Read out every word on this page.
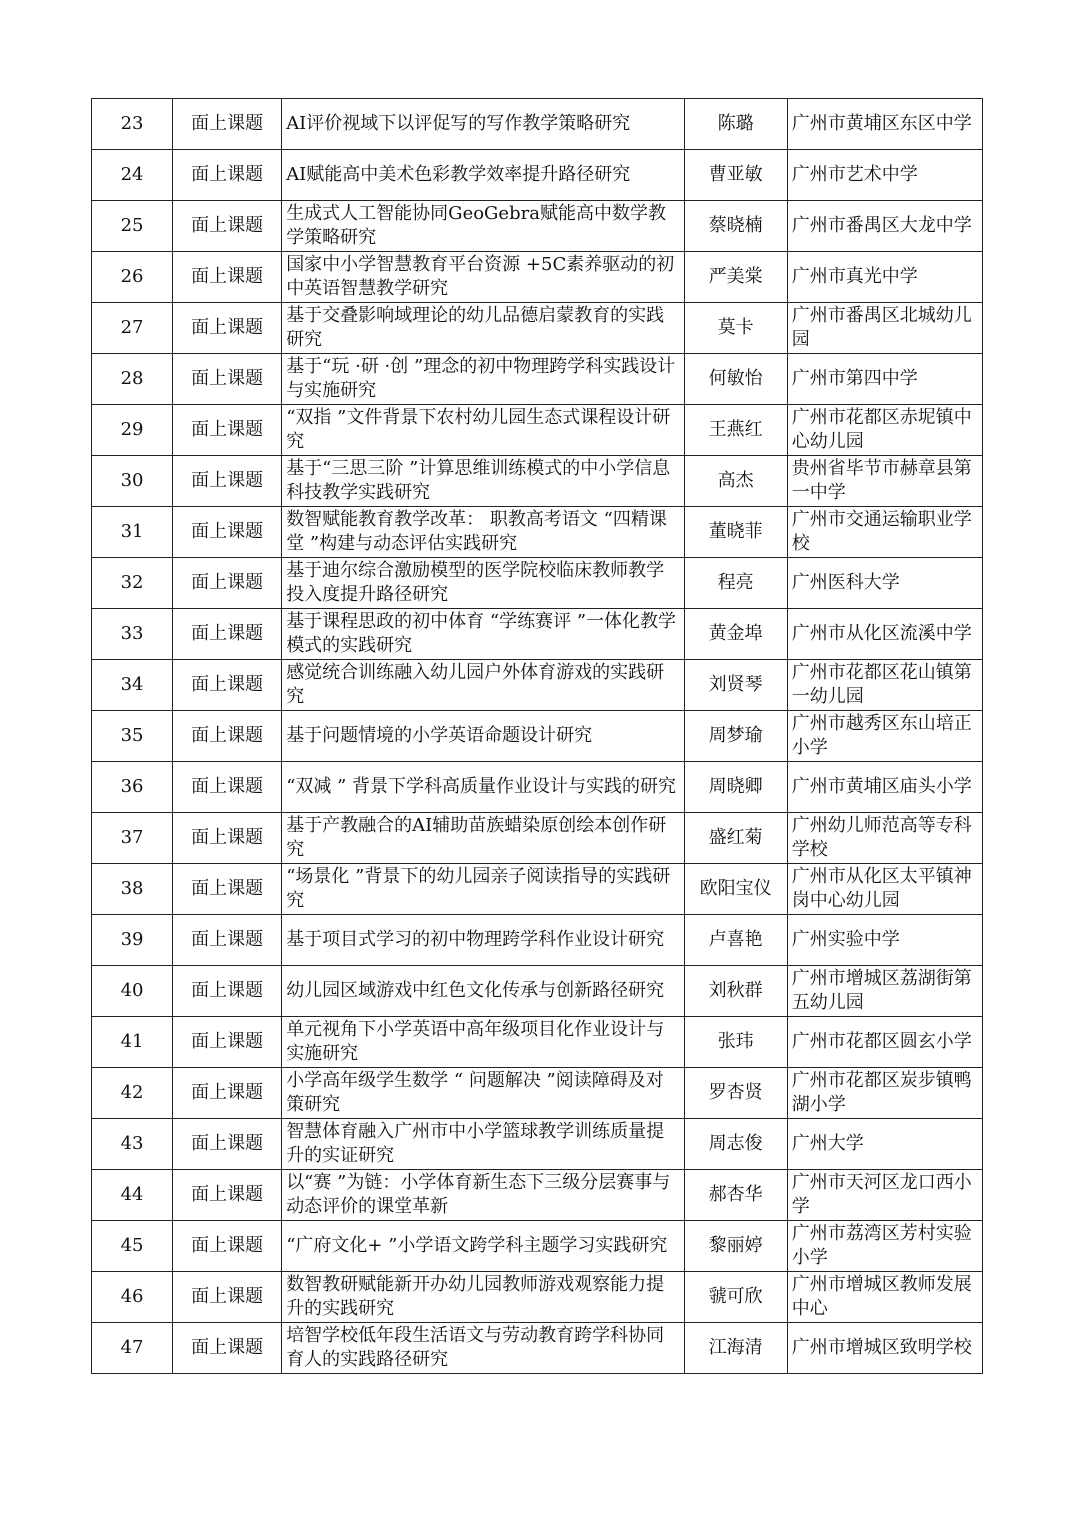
23	面上课题	AI评价视域下以评促写的写作教学策略研究	陈璐	广州市黄埔区东区中学
24	面上课题	AI赋能高中美术色彩教学效率提升路径研究	曹亚敏	广州市艺术中学
25	面上课题	生成式人工智能协同GeoGebra赋能高中数学教学策略研究	蔡晓楠	广州市番禺区大龙中学
26	面上课题	国家中小学智慧教育平台资源 +5C素养驱动的初中英语智慧教学研究	严美棠	广州市真光中学
27	面上课题	基于交叠影响域理论的幼儿品德启蒙教育的实践研究	莫卡	广州市番禺区北城幼儿园
28	面上课题	基于“玩 ·研 ·创 ”理念的初中物理跨学科实践设计与实施研究	何敏怡	广州市第四中学
29	面上课题	“双指 ”文件背景下农村幼儿园生态式课程设计研究	王燕红	广州市花都区赤坭镇中心幼儿园
30	面上课题	基于“三思三阶 ”计算思维训练模式的中小学信息科技教学实践研究	高杰	贵州省毕节市赫章县第一中学
31	面上课题	数智赋能教育教学改革： 职教高考语文 “四精课堂 ”构建与动态评估实践研究	董晓菲	广州市交通运输职业学校
32	面上课题	基于迪尔综合激励模型的医学院校临床教师教学投入度提升路径研究	程亮	广州医科大学
33	面上课题	基于课程思政的初中体育 “学练赛评 ”一体化教学模式的实践研究	黄金埠	广州市从化区流溪中学
34	面上课题	感觉统合训练融入幼儿园户外体育游戏的实践研究	刘贤琴	广州市花都区花山镇第一幼儿园
35	面上课题	基于问题情境的小学英语命题设计研究	周梦瑜	广州市越秀区东山培正小学
36	面上课题	“双减 ” 背景下学科高质量作业设计与实践的研究	周晓卿	广州市黄埔区庙头小学
37	面上课题	基于产教融合的AI辅助苗族蜡染原创绘本创作研究	盛红菊	广州幼儿师范高等专科学校
38	面上课题	“场景化 ”背景下的幼儿园亲子阅读指导的实践研究	欧阳宝仪	广州市从化区太平镇神岗中心幼儿园
39	面上课题	基于项目式学习的初中物理跨学科作业设计研究	卢喜艳	广州实验中学
40	面上课题	幼儿园区域游戏中红色文化传承与创新路径研究	刘秋群	广州市增城区荔湖街第五幼儿园
41	面上课题	单元视角下小学英语中高年级项目化作业设计与实施研究	张玮	广州市花都区圆玄小学
42	面上课题	小学高年级学生数学 “ 问题解决 ”阅读障碍及对策研究	罗杏贤	广州市花都区炭步镇鸭湖小学
43	面上课题	智慧体育融入广州市中小学篮球教学训练质量提升的实证研究	周志俊	广州大学
44	面上课题	以“赛 ”为链：小学体育新生态下三级分层赛事与动态评价的课堂革新	郝杏华	广州市天河区龙口西小学
45	面上课题	“广府文化+ ”小学语文跨学科主题学习实践研究	黎丽婷	广州市荔湾区芳村实验小学
46	面上课题	数智教研赋能新开办幼儿园教师游戏观察能力提升的实践研究	虢可欣	广州市增城区教师发展中心
47	面上课题	培智学校低年段生活语文与劳动教育跨学科协同育人的实践路径研究	江海清	广州市增城区致明学校
